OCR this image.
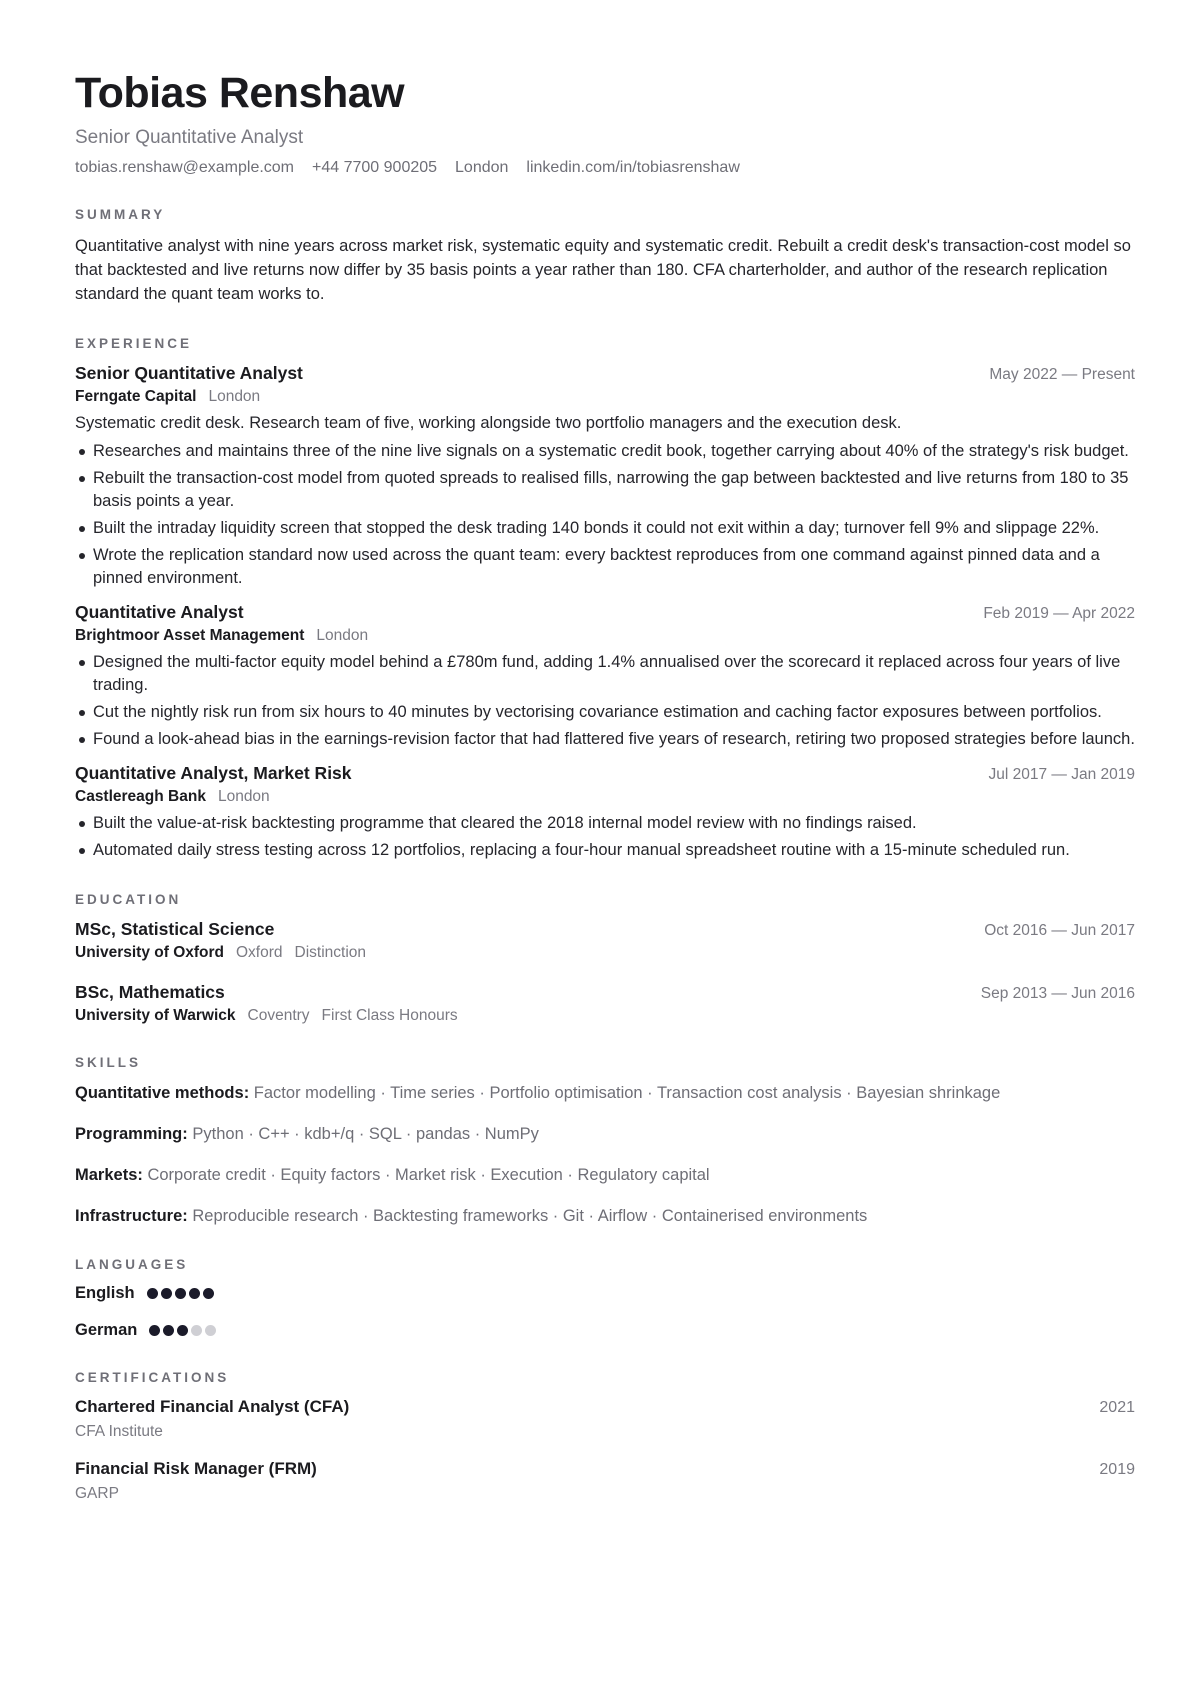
Tobias Renshaw
Senior Quantitative Analyst
tobias.renshaw@example.com +44 7700 900205 London linkedin.com/in/tobiasrenshaw
SUMMARY
Quantitative analyst with nine years across market risk, systematic equity and systematic credit. Rebuilt a credit desk's transaction-cost model so that backtested and live returns now differ by 35 basis points a year rather than 180. CFA charterholder, and author of the research replication standard the quant team works to.
EXPERIENCE
Senior Quantitative Analyst	May 2022 — Present
Ferngate Capital London
Systematic credit desk. Research team of five, working alongside two portfolio managers and the execution desk.
Researches and maintains three of the nine live signals on a systematic credit book, together carrying about 40% of the strategy's risk budget.
Rebuilt the transaction-cost model from quoted spreads to realised fills, narrowing the gap between backtested and live returns from 180 to 35 basis points a year.
Built the intraday liquidity screen that stopped the desk trading 140 bonds it could not exit within a day; turnover fell 9% and slippage 22%.
Wrote the replication standard now used across the quant team: every backtest reproduces from one command against pinned data and a pinned environment.
Quantitative Analyst	Feb 2019 — Apr 2022
Brightmoor Asset Management London
Designed the multi-factor equity model behind a £780m fund, adding 1.4% annualised over the scorecard it replaced across four years of live trading.
Cut the nightly risk run from six hours to 40 minutes by vectorising covariance estimation and caching factor exposures between portfolios.
Found a look-ahead bias in the earnings-revision factor that had flattered five years of research, retiring two proposed strategies before launch.
Quantitative Analyst, Market Risk	Jul 2017 — Jan 2019
Castlereagh Bank London
Built the value-at-risk backtesting programme that cleared the 2018 internal model review with no findings raised.
Automated daily stress testing across 12 portfolios, replacing a four-hour manual spreadsheet routine with a 15-minute scheduled run.
EDUCATION
MSc, Statistical Science	Oct 2016 — Jun 2017
University of Oxford Oxford Distinction
BSc, Mathematics	Sep 2013 — Jun 2016
University of Warwick Coventry First Class Honours
SKILLS
Quantitative methods: Factor modelling · Time series · Portfolio optimisation · Transaction cost analysis · Bayesian shrinkage
Programming: Python · C++ · kdb+/q · SQL · pandas · NumPy
Markets: Corporate credit · Equity factors · Market risk · Execution · Regulatory capital
Infrastructure: Reproducible research · Backtesting frameworks · Git · Airflow · Containerised environments
LANGUAGES
English
German
CERTIFICATIONS
Chartered Financial Analyst (CFA)	2021
CFA Institute
Financial Risk Manager (FRM)	2019
GARP
